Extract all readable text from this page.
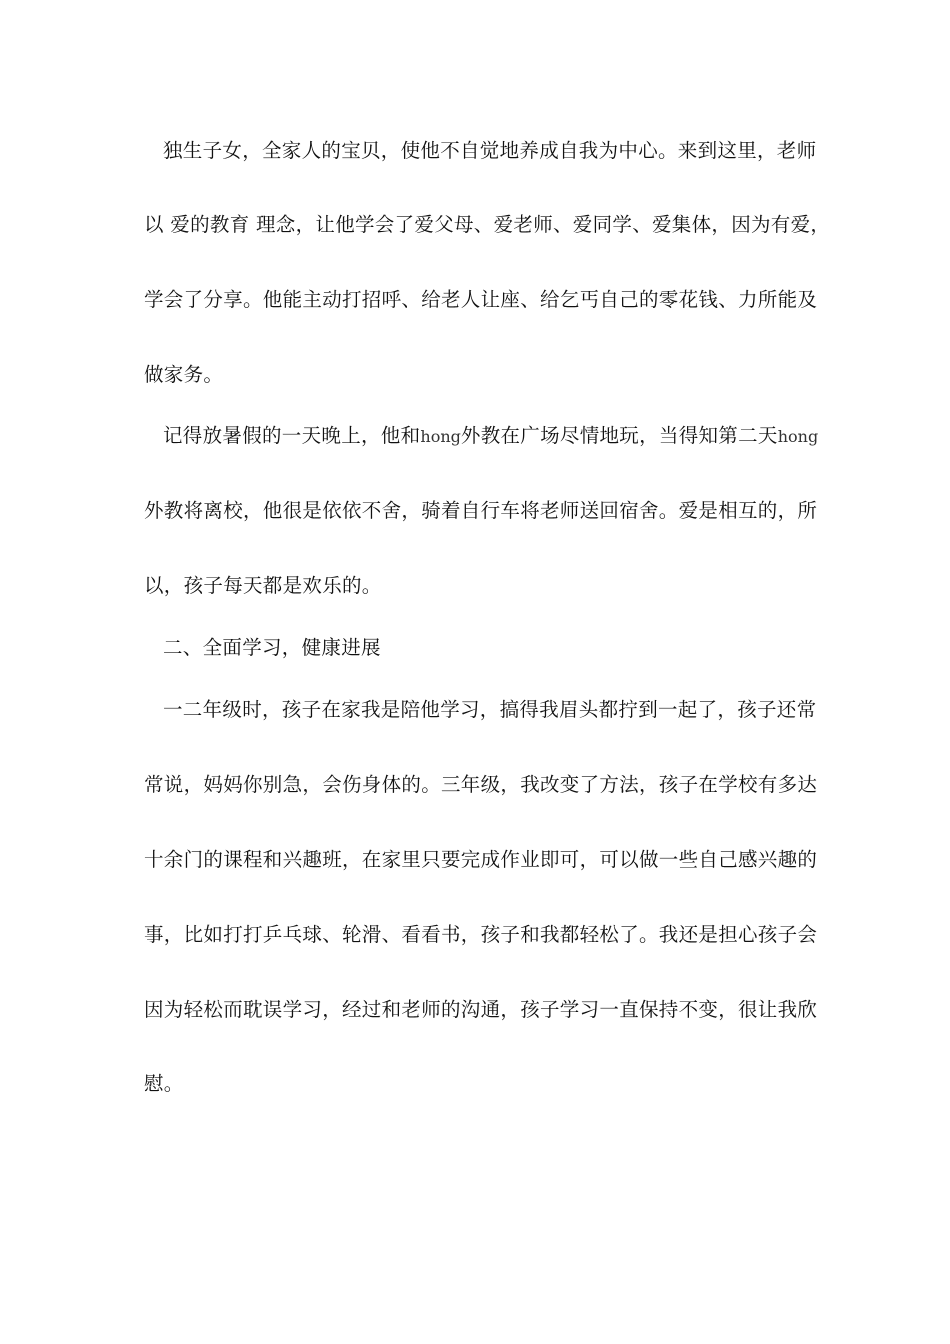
独生子女，全家人的宝贝，使他不自觉地养成自我为中心。来到这里，老师
以 爱的教育 理念，让他学会了爱父母、爱老师、爱同学、爱集体，因为有爱，
学会了分享。他能主动打招呼、给老人让座、给乞丐自己的零花钱、力所能及
做家务。
记得放暑假的一天晚上，他和hong外教在广场尽情地玩，当得知第二天hong
外教将离校，他很是依依不舍，骑着自行车将老师送回宿舍。爱是相互的，所
以，孩子每天都是欢乐的。
二、全面学习，健康进展
一二年级时，孩子在家我是陪他学习，搞得我眉头都拧到一起了，孩子还常
常说，妈妈你别急，会伤身体的。三年级，我改变了方法，孩子在学校有多达
十余门的课程和兴趣班，在家里只要完成作业即可，可以做一些自己感兴趣的
事，比如打打乒乓球、轮滑、看看书，孩子和我都轻松了。我还是担心孩子会
因为轻松而耽误学习，经过和老师的沟通，孩子学习一直保持不变，很让我欣
慰。
